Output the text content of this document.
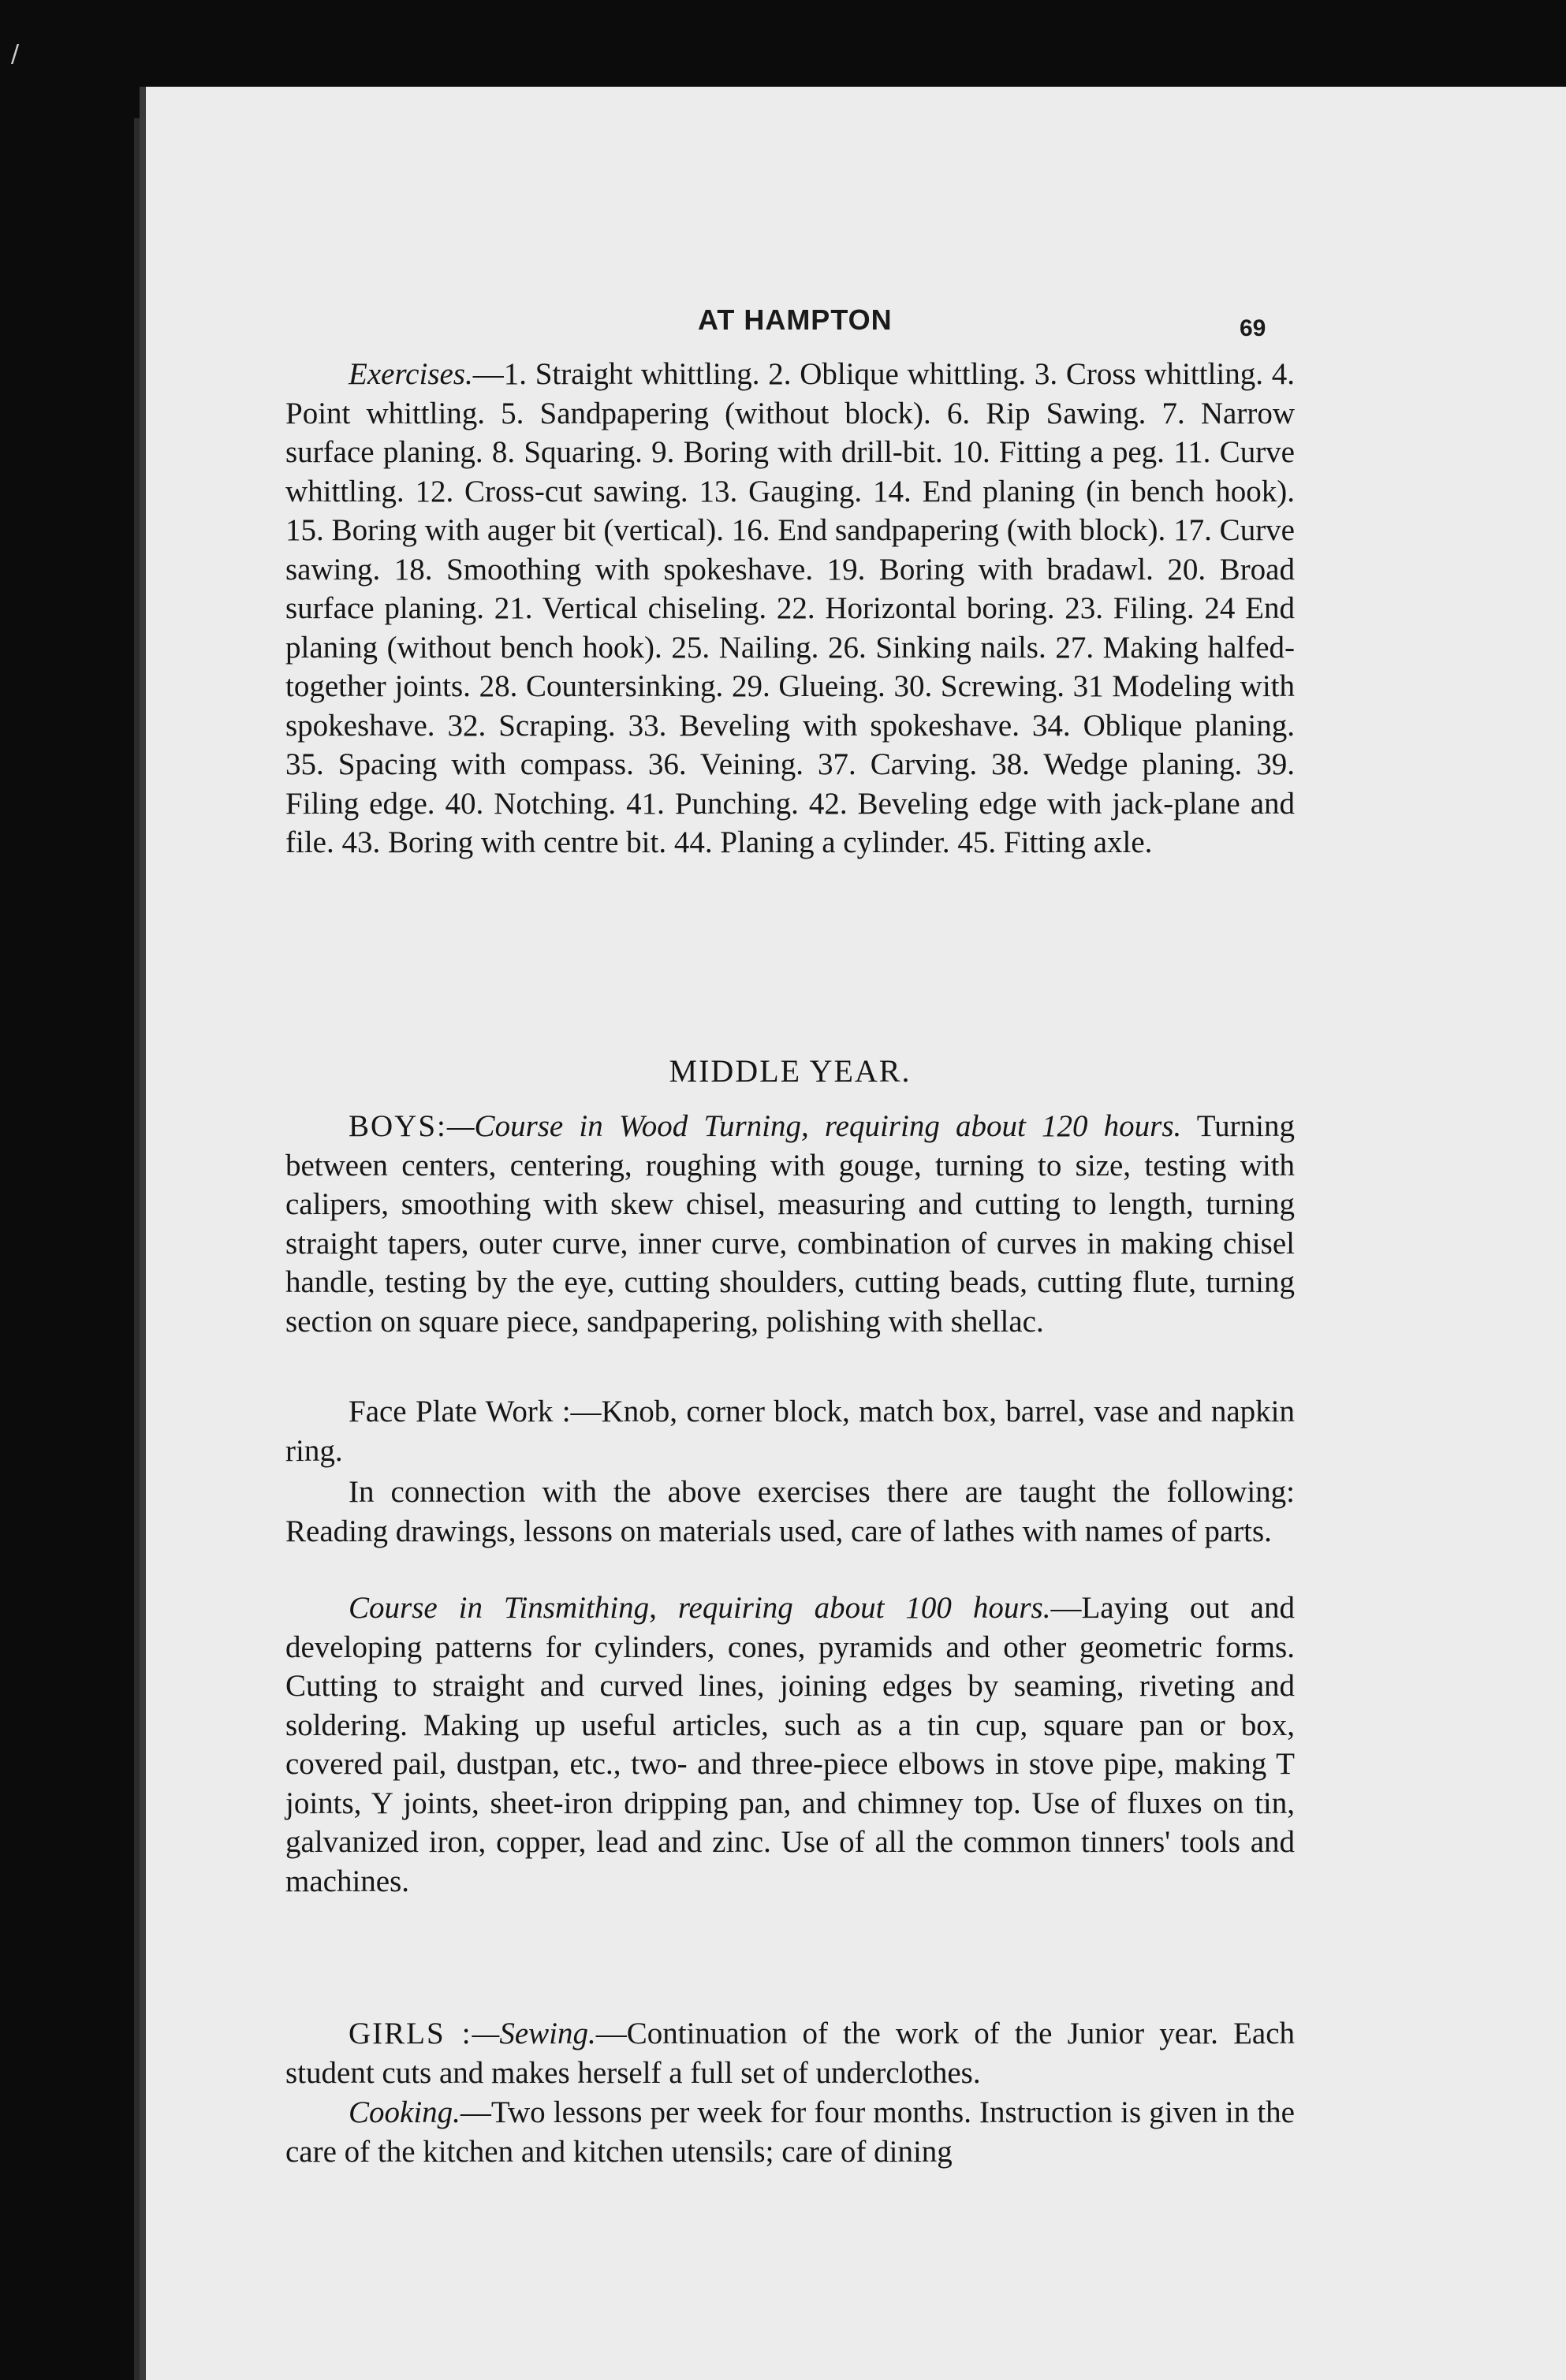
/
AT HAMPTON	69

Exercises.—1. Straight whittling. 2. Oblique whittling. 3. Cross whittling. 4. Point whittling. 5. Sandpapering (without block). 6. Rip Sawing. 7. Narrow surface planing. 8. Squaring. 9. Boring with drill-bit. 10. Fitting a peg. 11. Curve whittling. 12. Cross-cut sawing. 13. Gauging. 14. End planing (in bench hook). 15. Boring with auger bit (vertical). 16. End sandpapering (with block). 17. Curve sawing. 18. Smoothing with spokeshave. 19. Boring with bradawl. 20. Broad surface planing. 21. Vertical chiseling. 22. Horizontal boring. 23. Filing. 24 End planing (without bench hook). 25. Nailing. 26. Sinking nails. 27. Making halfed-together joints. 28. Countersinking. 29. Glueing. 30. Screwing. 31 Modeling with spokeshave. 32. Scraping. 33. Beveling with spokeshave. 34. Oblique planing. 35. Spacing with compass. 36. Veining. 37. Carving. 38. Wedge planing. 39. Filing edge. 40. Notching. 41. Punching. 42. Beveling edge with jack-plane and file. 43. Boring with centre bit. 44. Planing a cylinder. 45. Fitting axle.

MIDDLE YEAR.

BOYS:—Course in Wood Turning, requiring about 120 hours. Turning between centers, centering, roughing with gouge, turning to size, testing with calipers, smoothing with skew chisel, measuring and cutting to length, turning straight tapers, outer curve, inner curve, combination of curves in making chisel handle, testing by the eye, cutting shoulders, cutting beads, cutting flute, turning section on square piece, sandpapering, polishing with shellac.

Face Plate Work :—Knob, corner block, match box, barrel, vase and napkin ring.

In connection with the above exercises there are taught the following: Reading drawings, lessons on materials used, care of lathes with names of parts.

Course in Tinsmithing, requiring about 100 hours.—Laying out and developing patterns for cylinders, cones, pyramids and other geometric forms. Cutting to straight and curved lines, joining edges by seaming, riveting and soldering. Making up useful articles, such as a tin cup, square pan or box, covered pail, dustpan, etc., two- and three-piece elbows in stove pipe, making T joints, Y joints, sheet-iron dripping pan, and chimney top. Use of fluxes on tin, galvanized iron, copper, lead and zinc. Use of all the common tinners' tools and machines.

GIRLS :—Sewing.—Continuation of the work of the Junior year. Each student cuts and makes herself a full set of underclothes.

Cooking.—Two lessons per week for four months. Instruction is given in the care of the kitchen and kitchen utensils; care of dining
